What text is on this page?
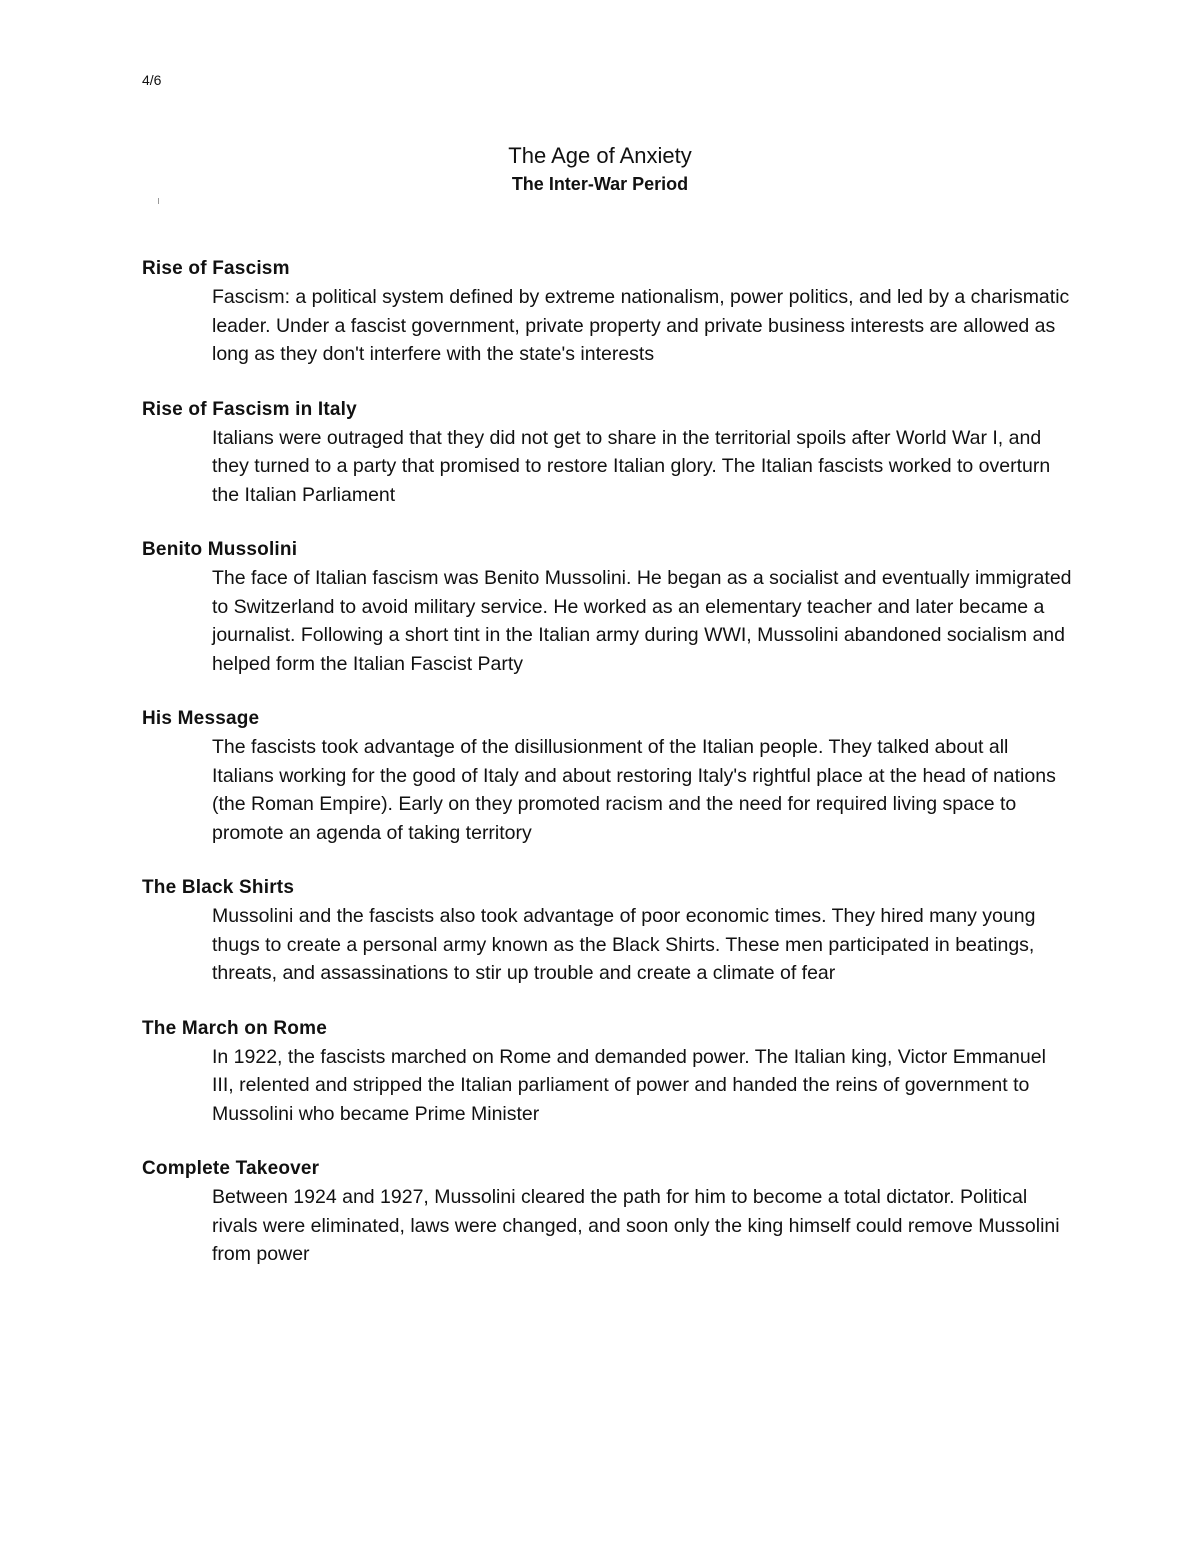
4/6
The Age of Anxiety
The Inter-War Period
Rise of Fascism
Fascism: a political system defined by extreme nationalism, power politics, and led by a charismatic leader. Under a fascist government, private property and private business interests are allowed as long as they don't interfere with the state's interests
Rise of Fascism in Italy
Italians were outraged that they did not get to share in the territorial spoils after World War I, and they turned to a party that promised to restore Italian glory. The Italian fascists worked to overturn the Italian Parliament
Benito Mussolini
The face of Italian fascism was Benito Mussolini. He began as a socialist and eventually immigrated to Switzerland to avoid military service. He worked as an elementary teacher and later became a journalist. Following a short tint in the Italian army during WWI, Mussolini abandoned socialism and helped form the Italian Fascist Party
His Message
The fascists took advantage of the disillusionment of the Italian people. They talked about all Italians working for the good of Italy and about restoring Italy's rightful place at the head of nations (the Roman Empire). Early on they promoted racism and the need for required living space to promote an agenda of taking territory
The Black Shirts
Mussolini and the fascists also took advantage of poor economic times. They hired many young thugs to create a personal army known as the Black Shirts. These men participated in beatings, threats, and assassinations to stir up trouble and create a climate of fear
The March on Rome
In 1922, the fascists marched on Rome and demanded power. The Italian king, Victor Emmanuel III, relented and stripped the Italian parliament of power and handed the reins of government to Mussolini who became Prime Minister
Complete Takeover
Between 1924 and 1927, Mussolini cleared the path for him to become a total dictator. Political rivals were eliminated, laws were changed, and soon only the king himself could remove Mussolini from power
